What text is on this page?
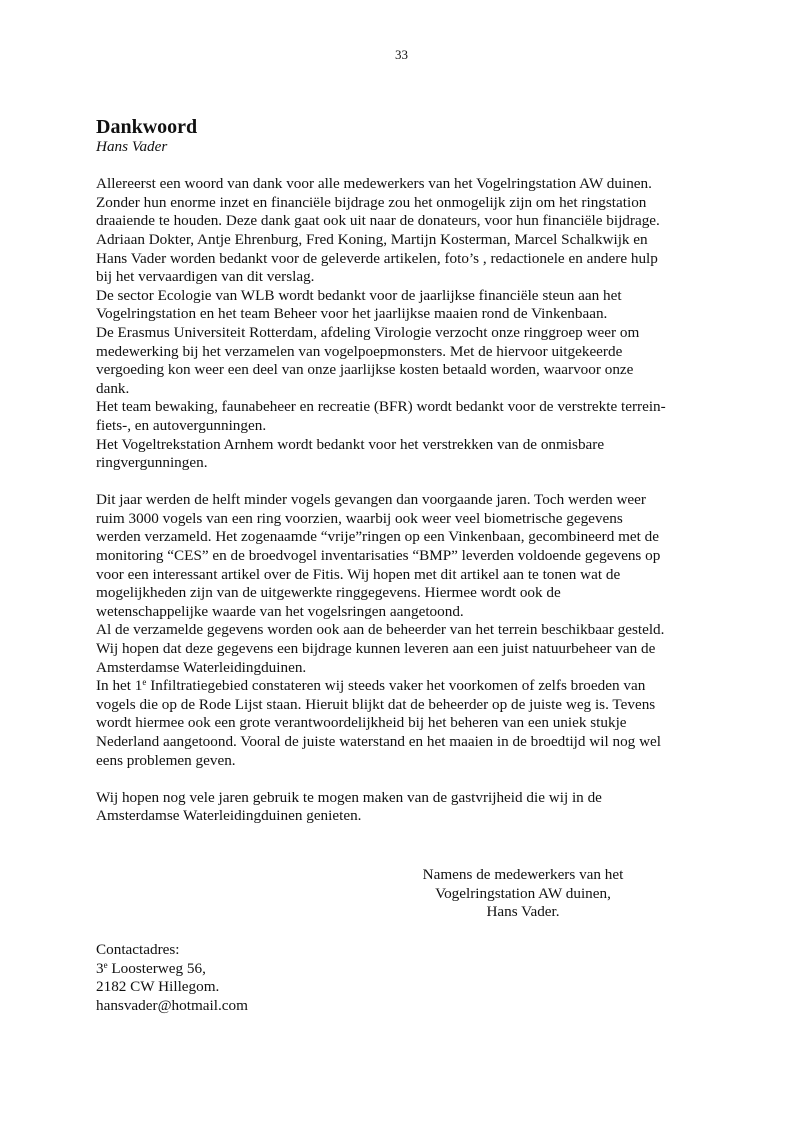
33
Dankwoord
Hans Vader
Allereerst een woord van dank voor alle medewerkers van het Vogelringstation AW duinen.
Zonder hun enorme inzet en financiële bijdrage zou het onmogelijk zijn om het ringstation
draaiende te houden. Deze dank gaat ook uit naar de donateurs, voor hun financiële bijdrage.
Adriaan Dokter, Antje Ehrenburg, Fred Koning, Martijn Kosterman, Marcel Schalkwijk en
Hans Vader worden bedankt voor de geleverde artikelen, foto’s , redactionele en andere hulp
bij het vervaardigen van dit verslag.
De sector Ecologie van WLB wordt bedankt voor de jaarlijkse financiële steun aan het
Vogelringstation en het team Beheer voor het jaarlijkse maaien rond de Vinkenbaan.
De Erasmus Universiteit Rotterdam, afdeling Virologie verzocht onze ringgroep weer om
medewerking bij het verzamelen van vogelpoepmonsters. Met de hiervoor uitgekeerde
vergoeding kon weer een deel van onze jaarlijkse kosten betaald worden, waarvoor onze
dank.
Het team bewaking, faunabeheer en recreatie (BFR) wordt bedankt voor de verstrekte terrein-
fiets-, en autovergunningen.
Het Vogeltrekstation Arnhem wordt bedankt voor het verstrekken van de onmisbare
ringvergunningen.
Dit jaar werden de helft minder vogels gevangen dan voorgaande jaren. Toch werden weer
ruim 3000 vogels van een ring voorzien, waarbij ook weer veel biometrische gegevens
werden verzameld. Het zogenaamde “vrije”ringen op een Vinkenbaan, gecombineerd met de
monitoring “CES” en de broedvogel inventarisaties “BMP” leverden voldoende gegevens op
voor een interessant artikel over de Fitis. Wij hopen met dit artikel aan te tonen wat de
mogelijkheden zijn van de uitgewerkte ringgegevens. Hiermee wordt ook de
wetenschappelijke waarde van het vogelsringen aangetoond.
Al de verzamelde gegevens worden ook aan de beheerder van het terrein beschikbaar gesteld.
Wij hopen dat deze gegevens een bijdrage kunnen leveren aan een juist natuurbeheer van de
Amsterdamse Waterleidingduinen.
In het 1e Infiltratiegebied constateren wij steeds vaker het voorkomen of zelfs broeden van
vogels die op de Rode Lijst staan. Hieruit blijkt dat de beheerder op de juiste weg is. Tevens
wordt hiermee ook een grote verantwoordelijkheid bij het beheren van een uniek stukje
Nederland aangetoond. Vooral de juiste waterstand en het maaien in de broedtijd wil nog wel
eens problemen geven.
Wij hopen nog vele jaren gebruik te mogen maken van de gastvrijheid die wij in de
Amsterdamse Waterleidingduinen genieten.
Namens de medewerkers van het
Vogelringstation AW duinen,
Hans Vader.
Contactadres:
3e Loosterweg 56,
2182 CW Hillegom.
hansvader@hotmail.com
